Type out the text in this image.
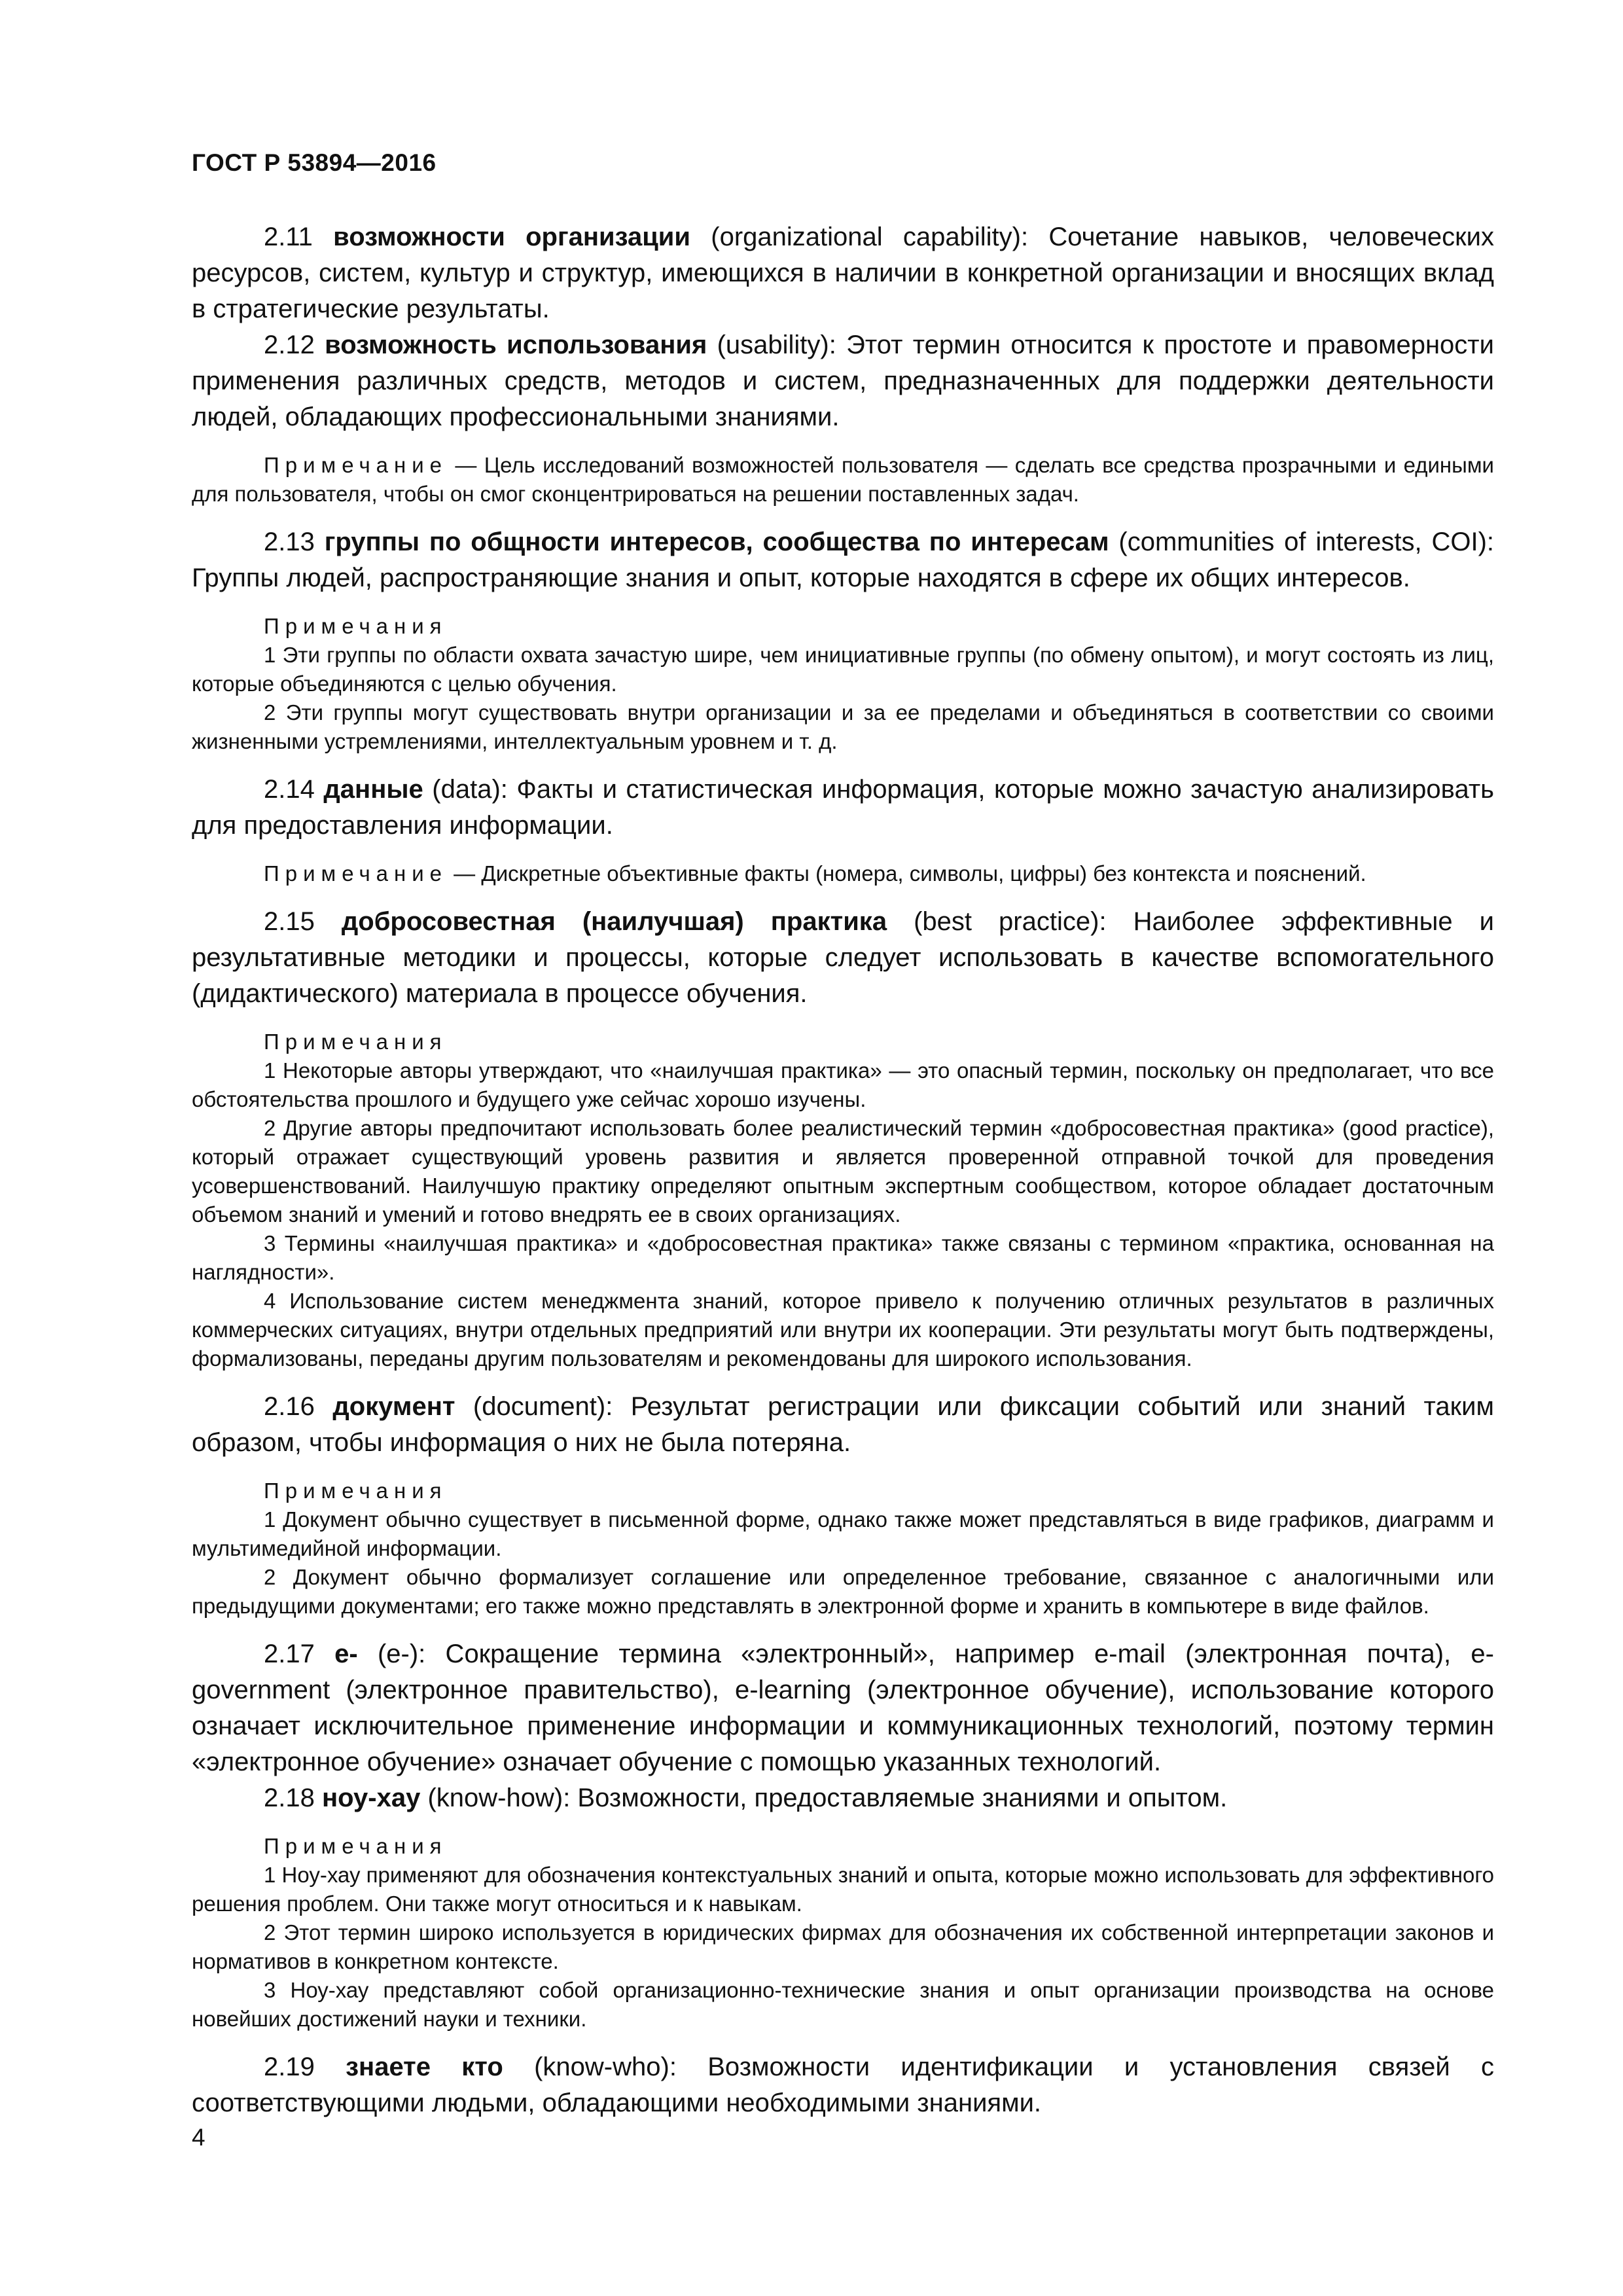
ГОСТ Р 53894—2016

2.11 возможности организации (organizational capability): Сочетание навыков, человеческих ресурсов, систем, культур и структур, имеющихся в наличии в конкретной организации и вносящих вклад в стратегические результаты.

2.12 возможность использования (usability): Этот термин относится к простоте и правомерности применения различных средств, методов и систем, предназначенных для поддержки деятельности людей, обладающих профессиональными знаниями.

Примечание — Цель исследований возможностей пользователя — сделать все средства прозрачными и едиными для пользователя, чтобы он смог сконцентрироваться на решении поставленных задач.

2.13 группы по общности интересов, сообщества по интересам (communities of interests, COI): Группы людей, распространяющие знания и опыт, которые находятся в сфере их общих интересов.

Примечания

1 Эти группы по области охвата зачастую шире, чем инициативные группы (по обмену опытом), и могут состоять из лиц, которые объединяются с целью обучения.

2 Эти группы могут существовать внутри организации и за ее пределами и объединяться в соответствии со своими жизненными устремлениями, интеллектуальным уровнем и т. д.

2.14 данные (data): Факты и статистическая информация, которые можно зачастую анализировать для предоставления информации.

Примечание — Дискретные объективные факты (номера, символы, цифры) без контекста и пояснений.

2.15 добросовестная (наилучшая) практика (best practice): Наиболее эффективные и результативные методики и процессы, которые следует использовать в качестве вспомогательного (дидактического) материала в процессе обучения.

Примечания

1 Некоторые авторы утверждают, что «наилучшая практика» — это опасный термин, поскольку он предполагает, что все обстоятельства прошлого и будущего уже сейчас хорошо изучены.

2 Другие авторы предпочитают использовать более реалистический термин «добросовестная практика» (good practice), который отражает существующий уровень развития и является проверенной отправной точкой для проведения усовершенствований. Наилучшую практику определяют опытным экспертным сообществом, которое обладает достаточным объемом знаний и умений и готово внедрять ее в своих организациях.

3 Термины «наилучшая практика» и «добросовестная практика» также связаны с термином «практика, основанная на наглядности».

4 Использование систем менеджмента знаний, которое привело к получению отличных результатов в различных коммерческих ситуациях, внутри отдельных предприятий или внутри их кооперации. Эти результаты могут быть подтверждены, формализованы, переданы другим пользователям и рекомендованы для широкого использования.

2.16 документ (document): Результат регистрации или фиксации событий или знаний таким образом, чтобы информация о них не была потеряна.

Примечания

1 Документ обычно существует в письменной форме, однако также может представляться в виде графиков, диаграмм и мультимедийной информации.

2 Документ обычно формализует соглашение или определенное требование, связанное с аналогичными или предыдущими документами; его также можно представлять в электронной форме и хранить в компьютере в виде файлов.

2.17 e- (e-): Сокращение термина «электронный», например e-mail (электронная почта), e-government (электронное правительство), e-learning (электронное обучение), использование которого означает исключительное применение информации и коммуникационных технологий, поэтому термин «электронное обучение» означает обучение с помощью указанных технологий.

2.18 ноу-хау (know-how): Возможности, предоставляемые знаниями и опытом.

Примечания

1 Ноу-хау применяют для обозначения контекстуальных знаний и опыта, которые можно использовать для эффективного решения проблем. Они также могут относиться и к навыкам.

2 Этот термин широко используется в юридических фирмах для обозначения их собственной интерпретации законов и нормативов в конкретном контексте.

3 Ноу-хау представляют собой организационно-технические знания и опыт организации производства на основе новейших достижений науки и техники.

2.19 знаете кто (know-who): Возможности идентификации и установления связей с соответствующими людьми, обладающими необходимыми знаниями.

4
